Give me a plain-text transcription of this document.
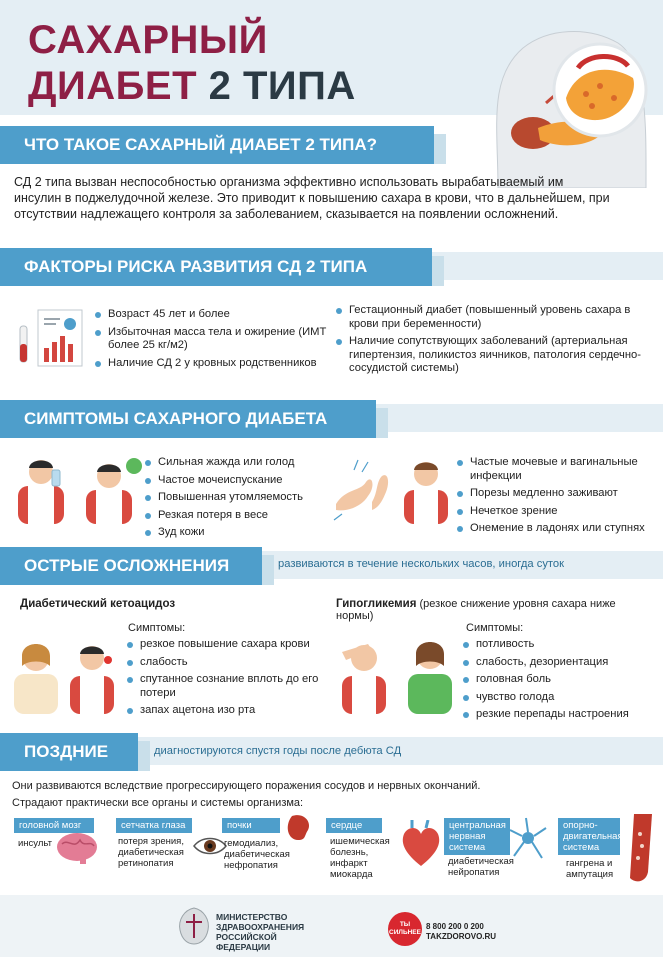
САХАРНЫЙ
ДИАБЕТ 2 ТИПА
ЧТО ТАКОЕ САХАРНЫЙ ДИАБЕТ 2 ТИПА?
СД 2 типа вызван неспособностью организма эффективно использовать вырабатываемый им инсулин в поджелудочной железе. Это приводит к повышению сахара в крови, что в дальнейшем, при отсутствии надлежащего контроля за заболеванием, сказывается на появлении осложнений.
ФАКТОРЫ РИСКА РАЗВИТИЯ СД 2 ТИПА
Возраст 45 лет и более
Избыточная масса тела и ожирение (ИМТ более 25 кг/м2)
Наличие СД 2 у кровных родственников
Гестационный диабет (повышенный уровень сахара в крови при беременности)
Наличие сопутствующих заболеваний (артериальная гипертензия, поликистоз яичников, патология сердечно-сосудистой системы)
СИМПТОМЫ САХАРНОГО ДИАБЕТА
Сильная жажда или голод
Частое мочеиспускание
Повышенная утомляемость
Резкая потеря в весе
Зуд кожи
Частые мочевые и вагинальные инфекции
Порезы медленно заживают
Нечеткое зрение
Онемение в ладонях или ступнях
ОСТРЫЕ ОСЛОЖНЕНИЯ	развиваются в течение нескольких часов, иногда суток
Диабетический кетоацидоз
Симптомы:
резкое повышение сахара крови
слабость
спутанное сознание вплоть до его потери
запах ацетона изо рта
Гипогликемия (резкое снижение уровня сахара ниже нормы)
Симптомы:
потливость
слабость, дезориентация
головная боль
чувство голода
резкие перепады настроения
ПОЗДНИЕ	диагностируются спустя годы после дебюта СД
Они развиваются вследствие прогрессирующего поражения сосудов и нервных окончаний.
Страдают практически все органы и системы организма:
головной мозг
инсульт
сетчатка глаза
потеря зрения, диабетическая ретинопатия
почки
гемодиализ, диабетическая нефропатия
сердце
ишемическая болезнь, инфаркт миокарда
центральная нервная система
диабетическая нейропатия
опорно-двигательная система
гангрена и ампутация
МИНИСТЕРСТВО ЗДРАВООХРАНЕНИЯ РОССИЙСКОЙ ФЕДЕРАЦИИ
ТЫ СИЛЬНЕЕ
8 800 200 0 200
TAKZDOROVO.RU
